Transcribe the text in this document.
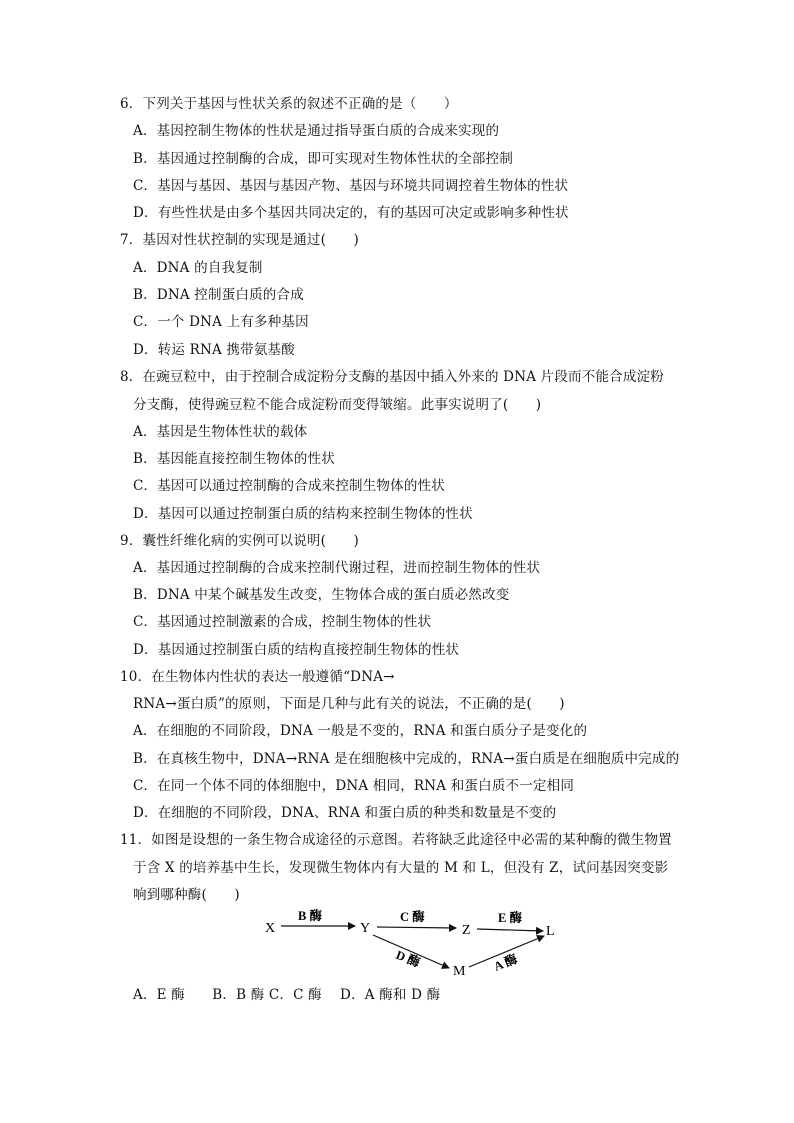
6．下列关于基因与性状关系的叙述不正确的是（　　）
A．基因控制生物体的性状是通过指导蛋白质的合成来实现的
B．基因通过控制酶的合成，即可实现对生物体性状的全部控制
C．基因与基因、基因与基因产物、基因与环境共同调控着生物体的性状
D．有些性状是由多个基因共同决定的，有的基因可决定或影响多种性状
7．基因对性状控制的实现是通过(　　)
A．DNA 的自我复制
B．DNA 控制蛋白质的合成
C．一个 DNA 上有多种基因
D．转运 RNA 携带氨基酸
8．在豌豆粒中，由于控制合成淀粉分支酶的基因中插入外来的 DNA 片段而不能合成淀粉
分支酶，使得豌豆粒不能合成淀粉而变得皱缩。此事实说明了(　　)
A．基因是生物体性状的载体
B．基因能直接控制生物体的性状
C．基因可以通过控制酶的合成来控制生物体的性状
D．基因可以通过控制蛋白质的结构来控制生物体的性状
9．囊性纤维化病的实例可以说明(　　)
A．基因通过控制酶的合成来控制代谢过程，进而控制生物体的性状
B．DNA 中某个碱基发生改变，生物体合成的蛋白质必然改变
C．基因通过控制激素的合成，控制生物体的性状
D．基因通过控制蛋白质的结构直接控制生物体的性状
10．在生物体内性状的表达一般遵循“DNA→
RNA→蛋白质”的原则，下面是几种与此有关的说法，不正确的是(　　)
A．在细胞的不同阶段，DNA 一般是不变的，RNA 和蛋白质分子是变化的
B．在真核生物中，DNA→RNA 是在细胞核中完成的，RNA→蛋白质是在细胞质中完成的
C．在同一个体不同的体细胞中，DNA 相同，RNA 和蛋白质不一定相同
D．在细胞的不同阶段，DNA、RNA 和蛋白质的种类和数量是不变的
11．如图是设想的一条生物合成途径的示意图。若将缺乏此途径中必需的某种酶的微生物置
于含 X 的培养基中生长，发现微生物体内有大量的 M 和 L，但没有 Z，试问基因突变影
响到哪种酶(　　)
X	Y	Z	L
M
B 酶	C 酶	E 酶
D 酶	A 酶
A．E 酶　　B．B 酶 C．C 酶　 D．A 酶和 D 酶
